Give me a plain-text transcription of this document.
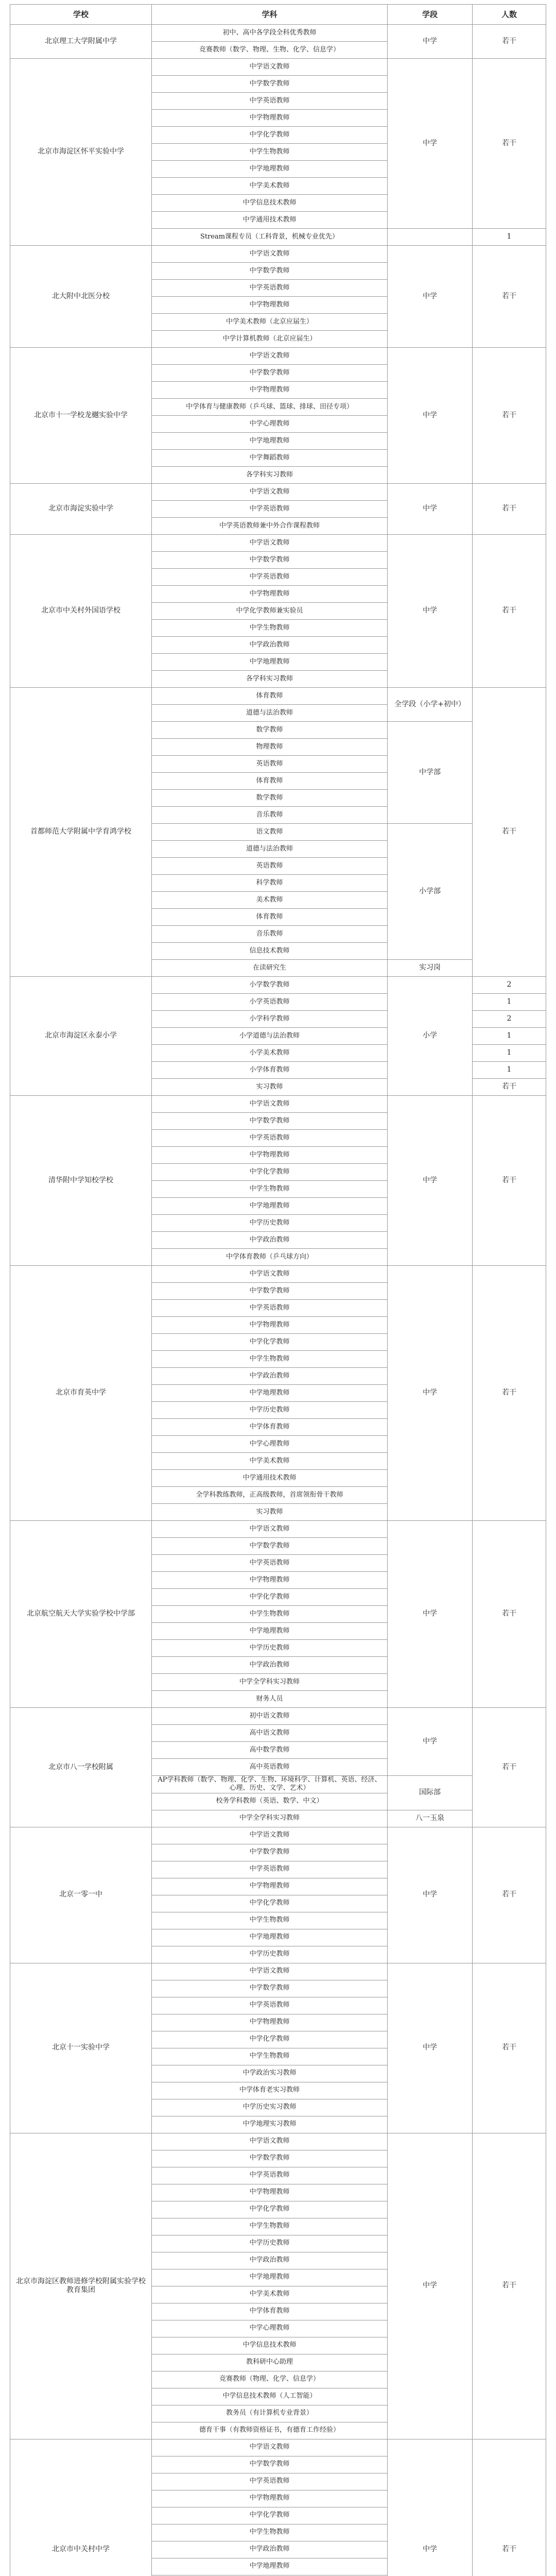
学校	学科	学段	人数
北京理工大学附属中学	初中、高中各学段全科优秀教师	中学	若干
	竞赛教师（数学、物理、生物、化学、信息学）		
北京市海淀区怀平实验中学	中学语文教师	中学	若干
	中学数学教师		
	中学英语教师		
	中学物理教师		
	中学化学教师		
	中学生物教师		
	中学地理教师		
	中学美术教师		
	中学信息技术教师		
	中学通用技术教师		
	Stream课程专员（工科背景，机械专业优先）		1
北大附中北医分校	中学语文教师	中学	若干
	中学数学教师		
	中学英语教师		
	中学物理教师		
	中学美术教师（北京应届生）		
	中学计算机教师（北京应届生）		
北京市十一学校龙樾实验中学	中学语文教师	中学	若干
	中学数学教师		
	中学物理教师		
	中学体育与健康教师（乒乓球、篮球、排球、田径专项）		
	中学心理教师		
	中学地理教师		
	中学舞蹈教师		
	各学科实习教师		
北京市海淀实验中学	中学语文教师	中学	若干
	中学英语教师		
	中学英语教师兼中外合作课程教师		
北京市中关村外国语学校	中学语文教师	中学	若干
	中学数学教师		
	中学英语教师		
	中学物理教师		
	中学化学教师兼实验员		
	中学生物教师		
	中学政治教师		
	中学地理教师		
	各学科实习教师		
首都师范大学附属中学育鸿学校	体育教师	全学段（小学+初中）	若干
	道德与法治教师		
	数学教师	中学部	
	物理教师		
	英语教师		
	体育教师		
	数学教师		
	音乐教师		
	语文教师	小学部	
	道德与法治教师		
	英语教师		
	科学教师		
	美术教师		
	体育教师		
	音乐教师		
	信息技术教师		
	在读研究生	实习岗	
北京市海淀区永泰小学	小学数学教师	小学	2
	小学英语教师		1
	小学科学教师		2
	小学道德与法治教师		1
	小学美术教师		1
	小学体育教师		1
	实习教师		若干
清华附中学知校学校	中学语文教师	中学	若干
	中学数学教师		
	中学英语教师		
	中学物理教师		
	中学化学教师		
	中学生物教师		
	中学地理教师		
	中学历史教师		
	中学政治教师		
	中学体育教师（乒乓球方向）		
北京市育英中学	中学语文教师	中学	若干
	中学数学教师		
	中学英语教师		
	中学物理教师		
	中学化学教师		
	中学生物教师		
	中学政治教师		
	中学地理教师		
	中学历史教师		
	中学体育教师		
	中学心理教师		
	中学美术教师		
	中学通用技术教师		
	全学科教练教师，正高级教师，首席领衔骨干教师		
	实习教师		
北京航空航天大学实验学校中学部	中学语文教师	中学	若干
	中学数学教师		
	中学英语教师		
	中学物理教师		
	中学化学教师		
	中学生物教师		
	中学地理教师		
	中学历史教师		
	中学政治教师		
	中学全学科实习教师		
	财务人员		
北京市八一学校附属	初中语文教师	中学	若干
	高中语文教师		
	高中数学教师		
	高中英语教师		
	AP学科教师（数学、物理、化学、生物、环境科学、计算机、英语、经济、心理、历史、文学、艺术）	国际部	
	校务学科教师（英语、数学、中文）		
	中学全学科实习教师	八一玉泉	
北京一零一中	中学语文教师	中学	若干
	中学数学教师		
	中学英语教师		
	中学物理教师		
	中学化学教师		
	中学生物教师		
	中学地理教师		
	中学历史教师		
北京十一实验中学	中学语文教师	中学	若干
	中学数学教师		
	中学英语教师		
	中学物理教师		
	中学化学教师		
	中学生物教师		
	中学政治实习教师		
	中学体育老实习教师		
	中学历史实习教师		
	中学地理实习教师		
北京市海淀区教师进修学校附属实验学校教育集团	中学语文教师	中学	若干
	中学数学教师		
	中学英语教师		
	中学物理教师		
	中学化学教师		
	中学生物教师		
	中学历史教师		
	中学政治教师		
	中学地理教师		
	中学美术教师		
	中学体育教师		
	中学心理教师		
	中学信息技术教师		
	教科研中心助理		
	竞赛教师（物理、化学、信息学）		
	中学信息技术教师（人工智能）		
	教务员（有计算机专业背景）		
	德育干事（有教师资格证书，有德育工作经验）		
北京市中关村中学	中学语文教师	中学	若干
	中学数学教师		
	中学英语教师		
	中学物理教师		
	中学化学教师		
	中学生物教师		
	中学政治教师		
	中学地理教师		
